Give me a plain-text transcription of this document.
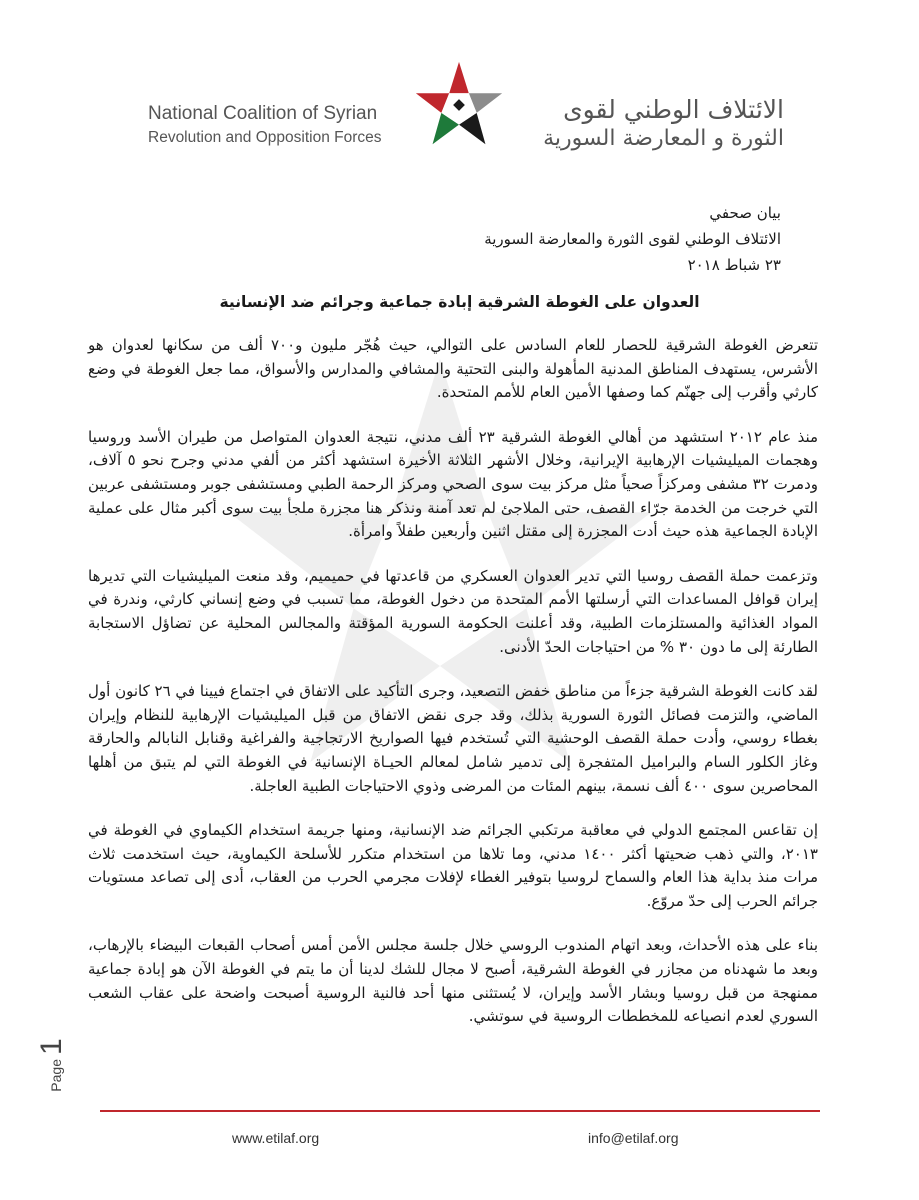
National Coalition of Syrian
Revolution and Opposition Forces
الائتلاف الوطني لقوى
الثورة و المعارضة السورية
بيان صحفي
الائتلاف الوطني لقوى الثورة والمعارضة السورية
٢٣ شباط ٢٠١٨
العدوان على الغوطة الشرقية إبادة جماعية وجرائم ضد الإنسانية

تتعرض الغوطة الشرقية للحصار للعام السادس على التوالي، حيث هُجّر مليون و٧٠٠ ألف من سكانها لعدوان هو الأشرس، يستهدف المناطق المدنية المأهولة والبنى التحتية والمشافي والمدارس والأسواق، مما جعل الغوطة في وضع كارثي وأقرب إلى جهنّم كما وصفها الأمين العام للأمم المتحدة.

منذ عام ٢٠١٢ استشهد من أهالي الغوطة الشرقية ٢٣ ألف مدني، نتيجة العدوان المتواصل من طيران الأسد وروسيا وهجمات الميليشيات الإرهابية الإيرانية، وخلال الأشهر الثلاثة الأخيرة استشهد أكثر من ألفي مدني وجرح نحو ٥ آلاف، ودمرت ٣٢ مشفى ومركزاً صحياً مثل مركز بيت سوى الصحي ومركز الرحمة الطبي ومستشفى جوبر ومستشفى عربين التي خرجت من الخدمة جرّاء القصف، حتى الملاجئ لم تعد آمنة ونذكر هنا مجزرة ملجأ بيت سوى أكبر مثال على عملية الإبادة الجماعية هذه حيث أدت المجزرة إلى مقتل اثنين وأربعين طفلاً وامرأة.

وتزعمت حملة القصف روسيا التي تدير العدوان العسكري من قاعدتها في حميميم، وقد منعت الميليشيات التي تديرها إيران قوافل المساعدات التي أرسلتها الأمم المتحدة من دخول الغوطة، مما تسبب في وضع إنساني كارثي، وندرة في المواد الغذائية والمستلزمات الطبية، وقد أعلنت الحكومة السورية المؤقتة والمجالس المحلية عن تضاؤل الاستجابة الطارئة إلى ما دون ٣٠ % من احتياجات الحدّ الأدنى.

لقد كانت الغوطة الشرقية جزءاً من مناطق خفض التصعيد، وجرى التأكيد على الاتفاق في اجتماع فيينا في ٢٦ كانون أول الماضي، والتزمت فصائل الثورة السورية بذلك، وقد جرى نقض الاتفاق من قبل الميليشيات الإرهابية للنظام وإيران بغطاء روسي، وأدت حملة القصف الوحشية التي تُستخدم فيها الصواريخ الارتجاجية والفراغية وقنابل النابالم والحارقة وغاز الكلور السام والبراميل المتفجرة إلى تدمير شامل لمعالم الحيـاة الإنسانية في الغوطة التي لم يتبق من أهلها المحاصرين سوى ٤٠٠ ألف نسمة، بينهم المئات من المرضى وذوي الاحتياجات الطبية العاجلة.

إن تقاعس المجتمع الدولي في معاقبة مرتكبي الجرائم ضد الإنسانية، ومنها جريمة استخدام الكيماوي في الغوطة في ٢٠١٣، والتي ذهب ضحيتها أكثر ١٤٠٠ مدني، وما تلاها من استخدام متكرر للأسلحة الكيماوية، حيث استخدمت ثلاث مرات منذ بداية هذا العام والسماح لروسيا بتوفير الغطاء لإفلات مجرمي الحرب من العقاب، أدى إلى تصاعد مستويات جرائم الحرب إلى حدّ مروّع.

بناء على هذه الأحداث، وبعد اتهام المندوب الروسي خلال جلسة مجلس الأمن أمس أصحاب القبعات البيضاء بالإرهاب، وبعد ما شهدناه من مجازر في الغوطة الشرقية، أصبح لا مجال للشك لدينا أن ما يتم في الغوطة الآن هو إبادة جماعية ممنهجة من قبل روسيا وبشار الأسد وإيران، لا يُستثنى منها أحد فالنية الروسية أصبحت واضحة على عقاب الشعب السوري لعدم انصياعه للمخططات الروسية في سوتشي.

Page
1
www.etilaf.org	info@etilaf.org
